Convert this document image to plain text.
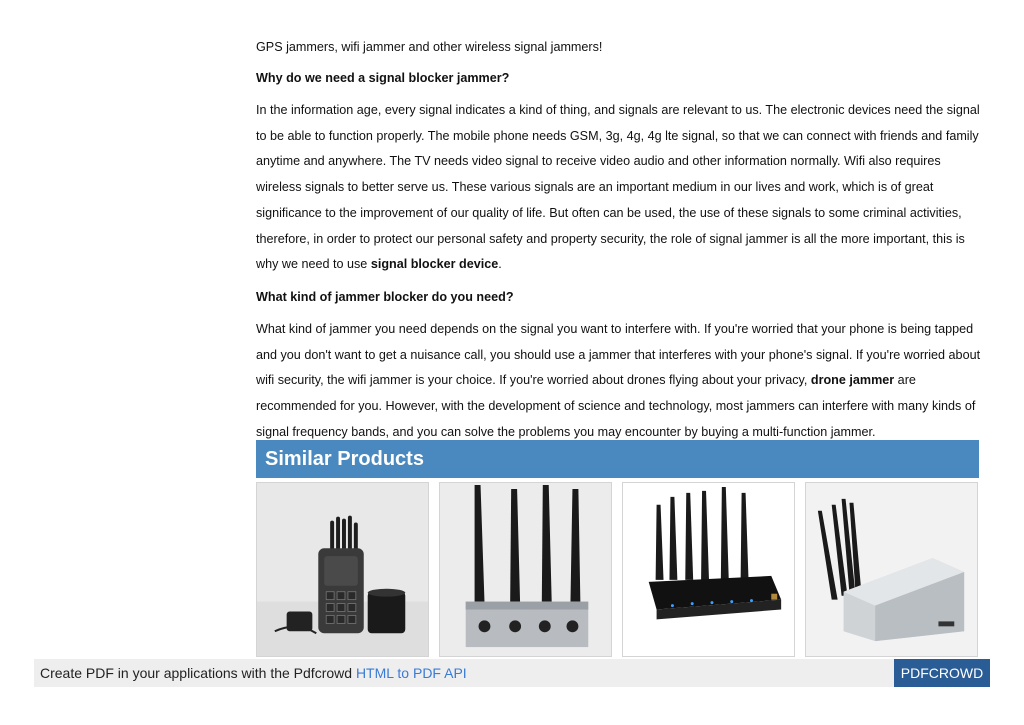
GPS jammers, wifi jammer and other wireless signal jammers!

Why do we need a signal blocker jammer?

In the information age, every signal indicates a kind of thing, and signals are relevant to us. The electronic devices need the signal to be able to function properly. The mobile phone needs GSM, 3g, 4g, 4g lte signal, so that we can connect with friends and family anytime and anywhere. The TV needs video signal to receive video audio and other information normally. Wifi also requires wireless signals to better serve us. These various signals are an important medium in our lives and work, which is of great significance to the improvement of our quality of life. But often can be used, the use of these signals to some criminal activities, therefore, in order to protect our personal safety and property security, the role of signal jammer is all the more important, this is why we need to use signal blocker device.

What kind of jammer blocker do you need?

What kind of jammer you need depends on the signal you want to interfere with. If you're worried that your phone is being tapped and you don't want to get a nuisance call, you should use a jammer that interferes with your phone's signal. If you're worried about wifi security, the wifi jammer is your choice. If you're worried about drones flying about your privacy, drone jammer are recommended for you. However, with the development of science and technology, most jammers can interfere with many kinds of signal frequency bands, and you can solve the problems you may encounter by buying a multi-function jammer.

Similar Products
Create PDF in your applications with the Pdfcrowd HTML to PDF API	PDFCROWD
